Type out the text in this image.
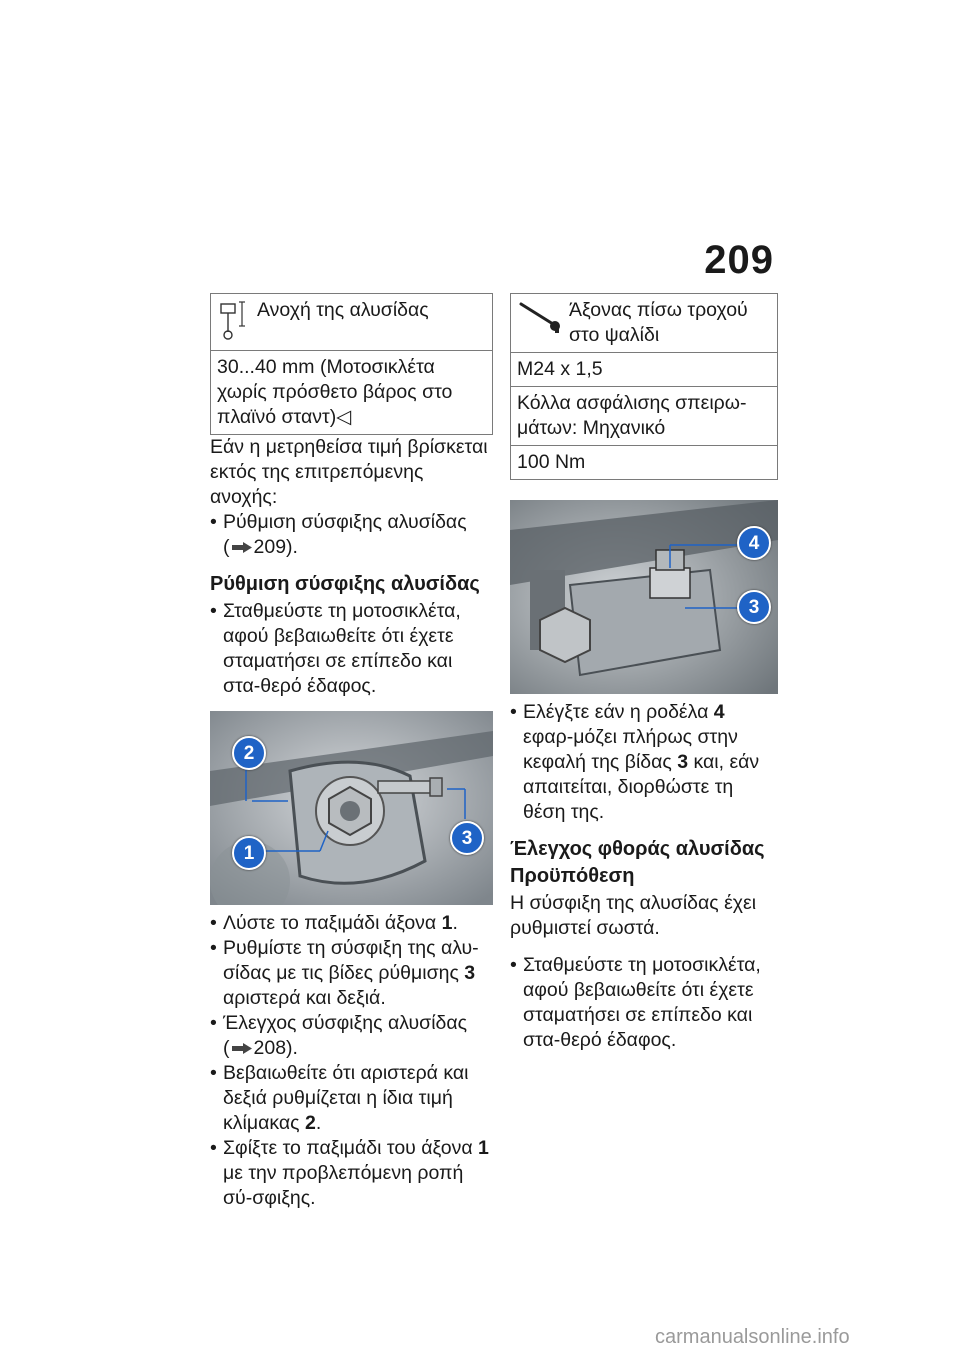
209
Ανοχή της αλυσίδας

30...40 mm (Μοτοσικλέτα χωρίς πρόσθετο βάρος στο πλαϊνό σταντ)◁

Εάν η μετρηθείσα τιμή βρίσκεται εκτός της επιτρεπόμενης ανοχής:

• Ρύθμιση σύσφιξης αλυσίδας
( 209).
Ρύθμιση σύσφιξης αλυσίδας
• Σταθμεύστε τη μοτοσικλέτα, αφού βεβαιωθείτε ότι έχετε σταματήσει σε επίπεδο και στα-θερό έδαφος.
2
1
3
• Λύστε το παξιμάδι άξονα 1.
• Ρυθμίστε τη σύσφιξη της αλυ-σίδας με τις βίδες ρύθμισης 3 αριστερά και δεξιά.
• Έλεγχος σύσφιξης αλυσίδας
( 208).
• Βεβαιωθείτε ότι αριστερά και δεξιά ρυθμίζεται η ίδια τιμή κλίμακας 2.
• Σφίξτε το παξιμάδι του άξονα 1 με την προβλεπόμενη ροπή σύ-σφιξης.
Άξονας πίσω τροχού στο ψαλίδι

M24 x 1,5
Κόλλα ασφάλισης σπειρω-μάτων: Μηχανικό
100 Nm
4
3
• Ελέγξτε εάν η ροδέλα 4 εφαρ-μόζει πλήρως στην κεφαλή της βίδας 3 και, εάν απαιτείται, διορθώστε τη θέση της.
Έλεγχος φθοράς αλυσίδας
Προϋπόθεση

Η σύσφιξη της αλυσίδας έχει ρυθμιστεί σωστά.

• Σταθμεύστε τη μοτοσικλέτα, αφού βεβαιωθείτε ότι έχετε σταματήσει σε επίπεδο και στα-θερό έδαφος.
carmanualsonline.info
